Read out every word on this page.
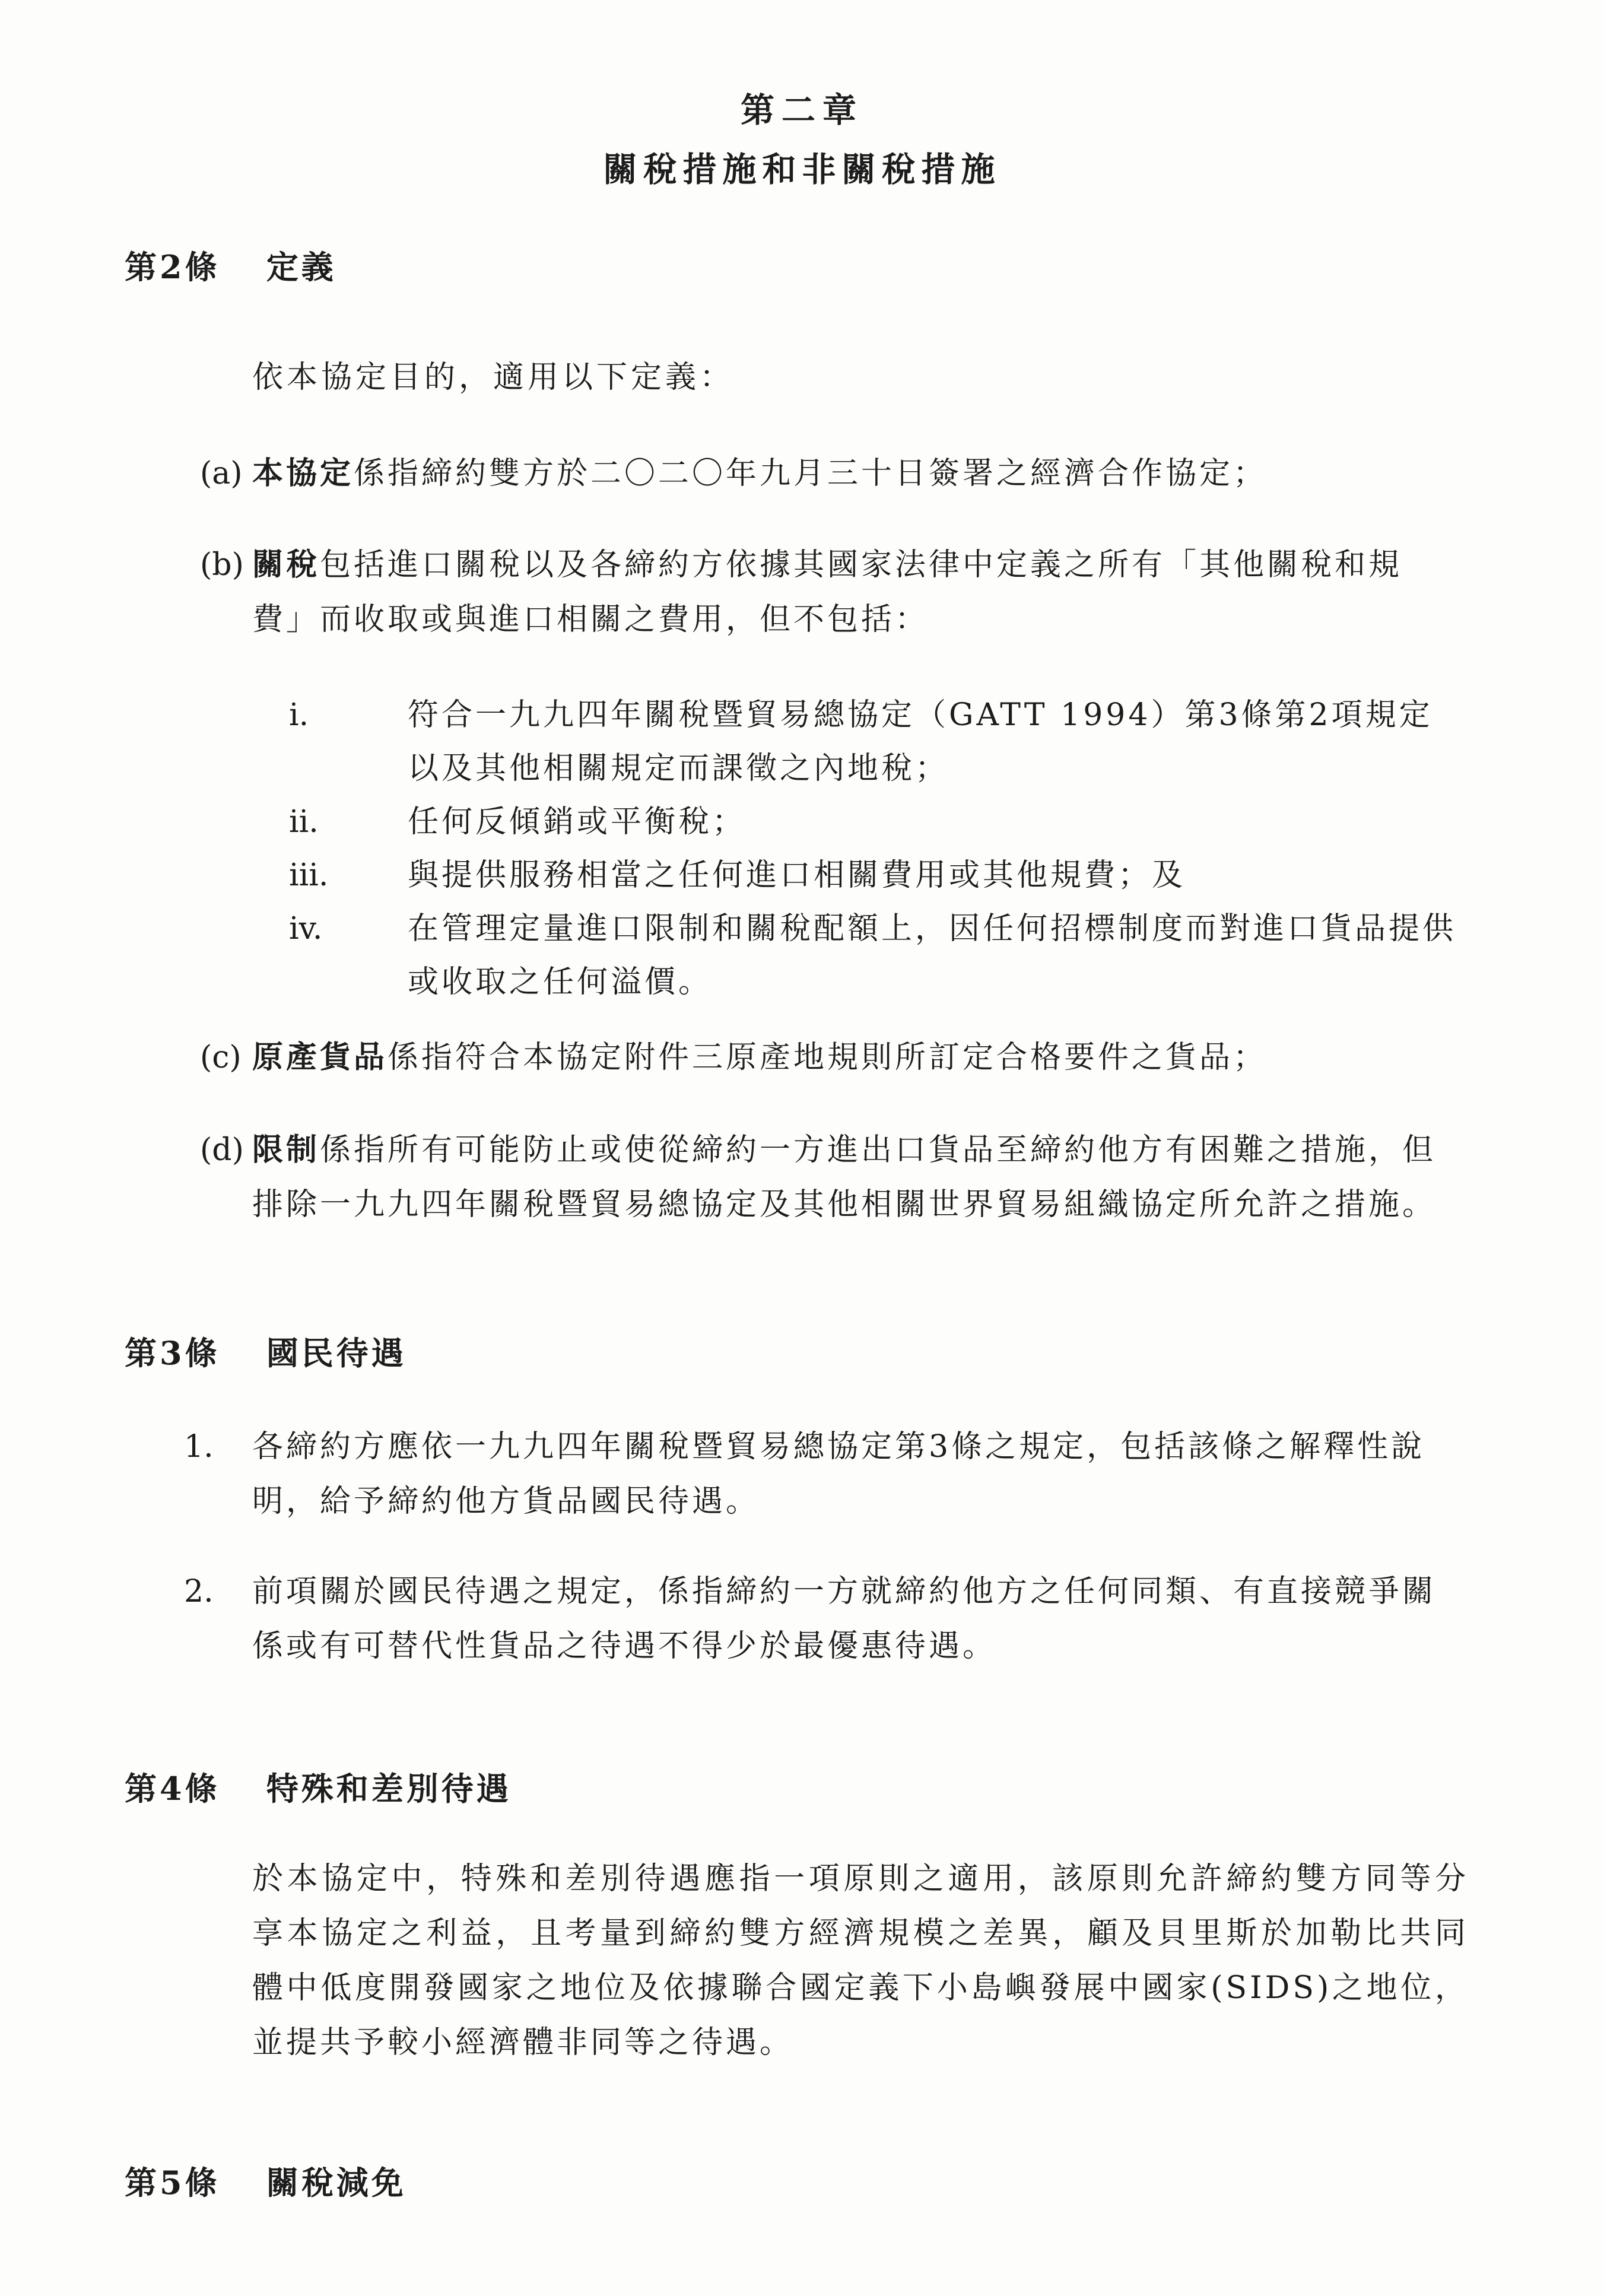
第二章
關稅措施和非關稅措施
第2條 定義
依本協定目的，適用以下定義：
(a) 本協定係指締約雙方於二〇二〇年九月三十日簽署之經濟合作協定；
(b) 關稅包括進口關稅以及各締約方依據其國家法律中定義之所有「其他關稅和規費」而收取或與進口相關之費用，但不包括：
i.	符合一九九四年關稅暨貿易總協定（GATT 1994）第3條第2項規定以及其他相關規定而課徵之內地稅；
ii.	任何反傾銷或平衡稅；
iii.	與提供服務相當之任何進口相關費用或其他規費；及
iv.	在管理定量進口限制和關稅配額上，因任何招標制度而對進口貨品提供或收取之任何溢價。
(c) 原產貨品係指符合本協定附件三原產地規則所訂定合格要件之貨品；
(d) 限制係指所有可能防止或使從締約一方進出口貨品至締約他方有困難之措施，但排除一九九四年關稅暨貿易總協定及其他相關世界貿易組織協定所允許之措施。
第3條 國民待遇
1.	各締約方應依一九九四年關稅暨貿易總協定第3條之規定，包括該條之解釋性說明，給予締約他方貨品國民待遇。
2.	前項關於國民待遇之規定，係指締約一方就締約他方之任何同類、有直接競爭關係或有可替代性貨品之待遇不得少於最優惠待遇。
第4條 特殊和差別待遇
於本協定中，特殊和差別待遇應指一項原則之適用，該原則允許締約雙方同等分享本協定之利益，且考量到締約雙方經濟規模之差異，顧及貝里斯於加勒比共同體中低度開發國家之地位及依據聯合國定義下小島嶼發展中國家(SIDS)之地位，並提共予較小經濟體非同等之待遇。
第5條 關稅減免
